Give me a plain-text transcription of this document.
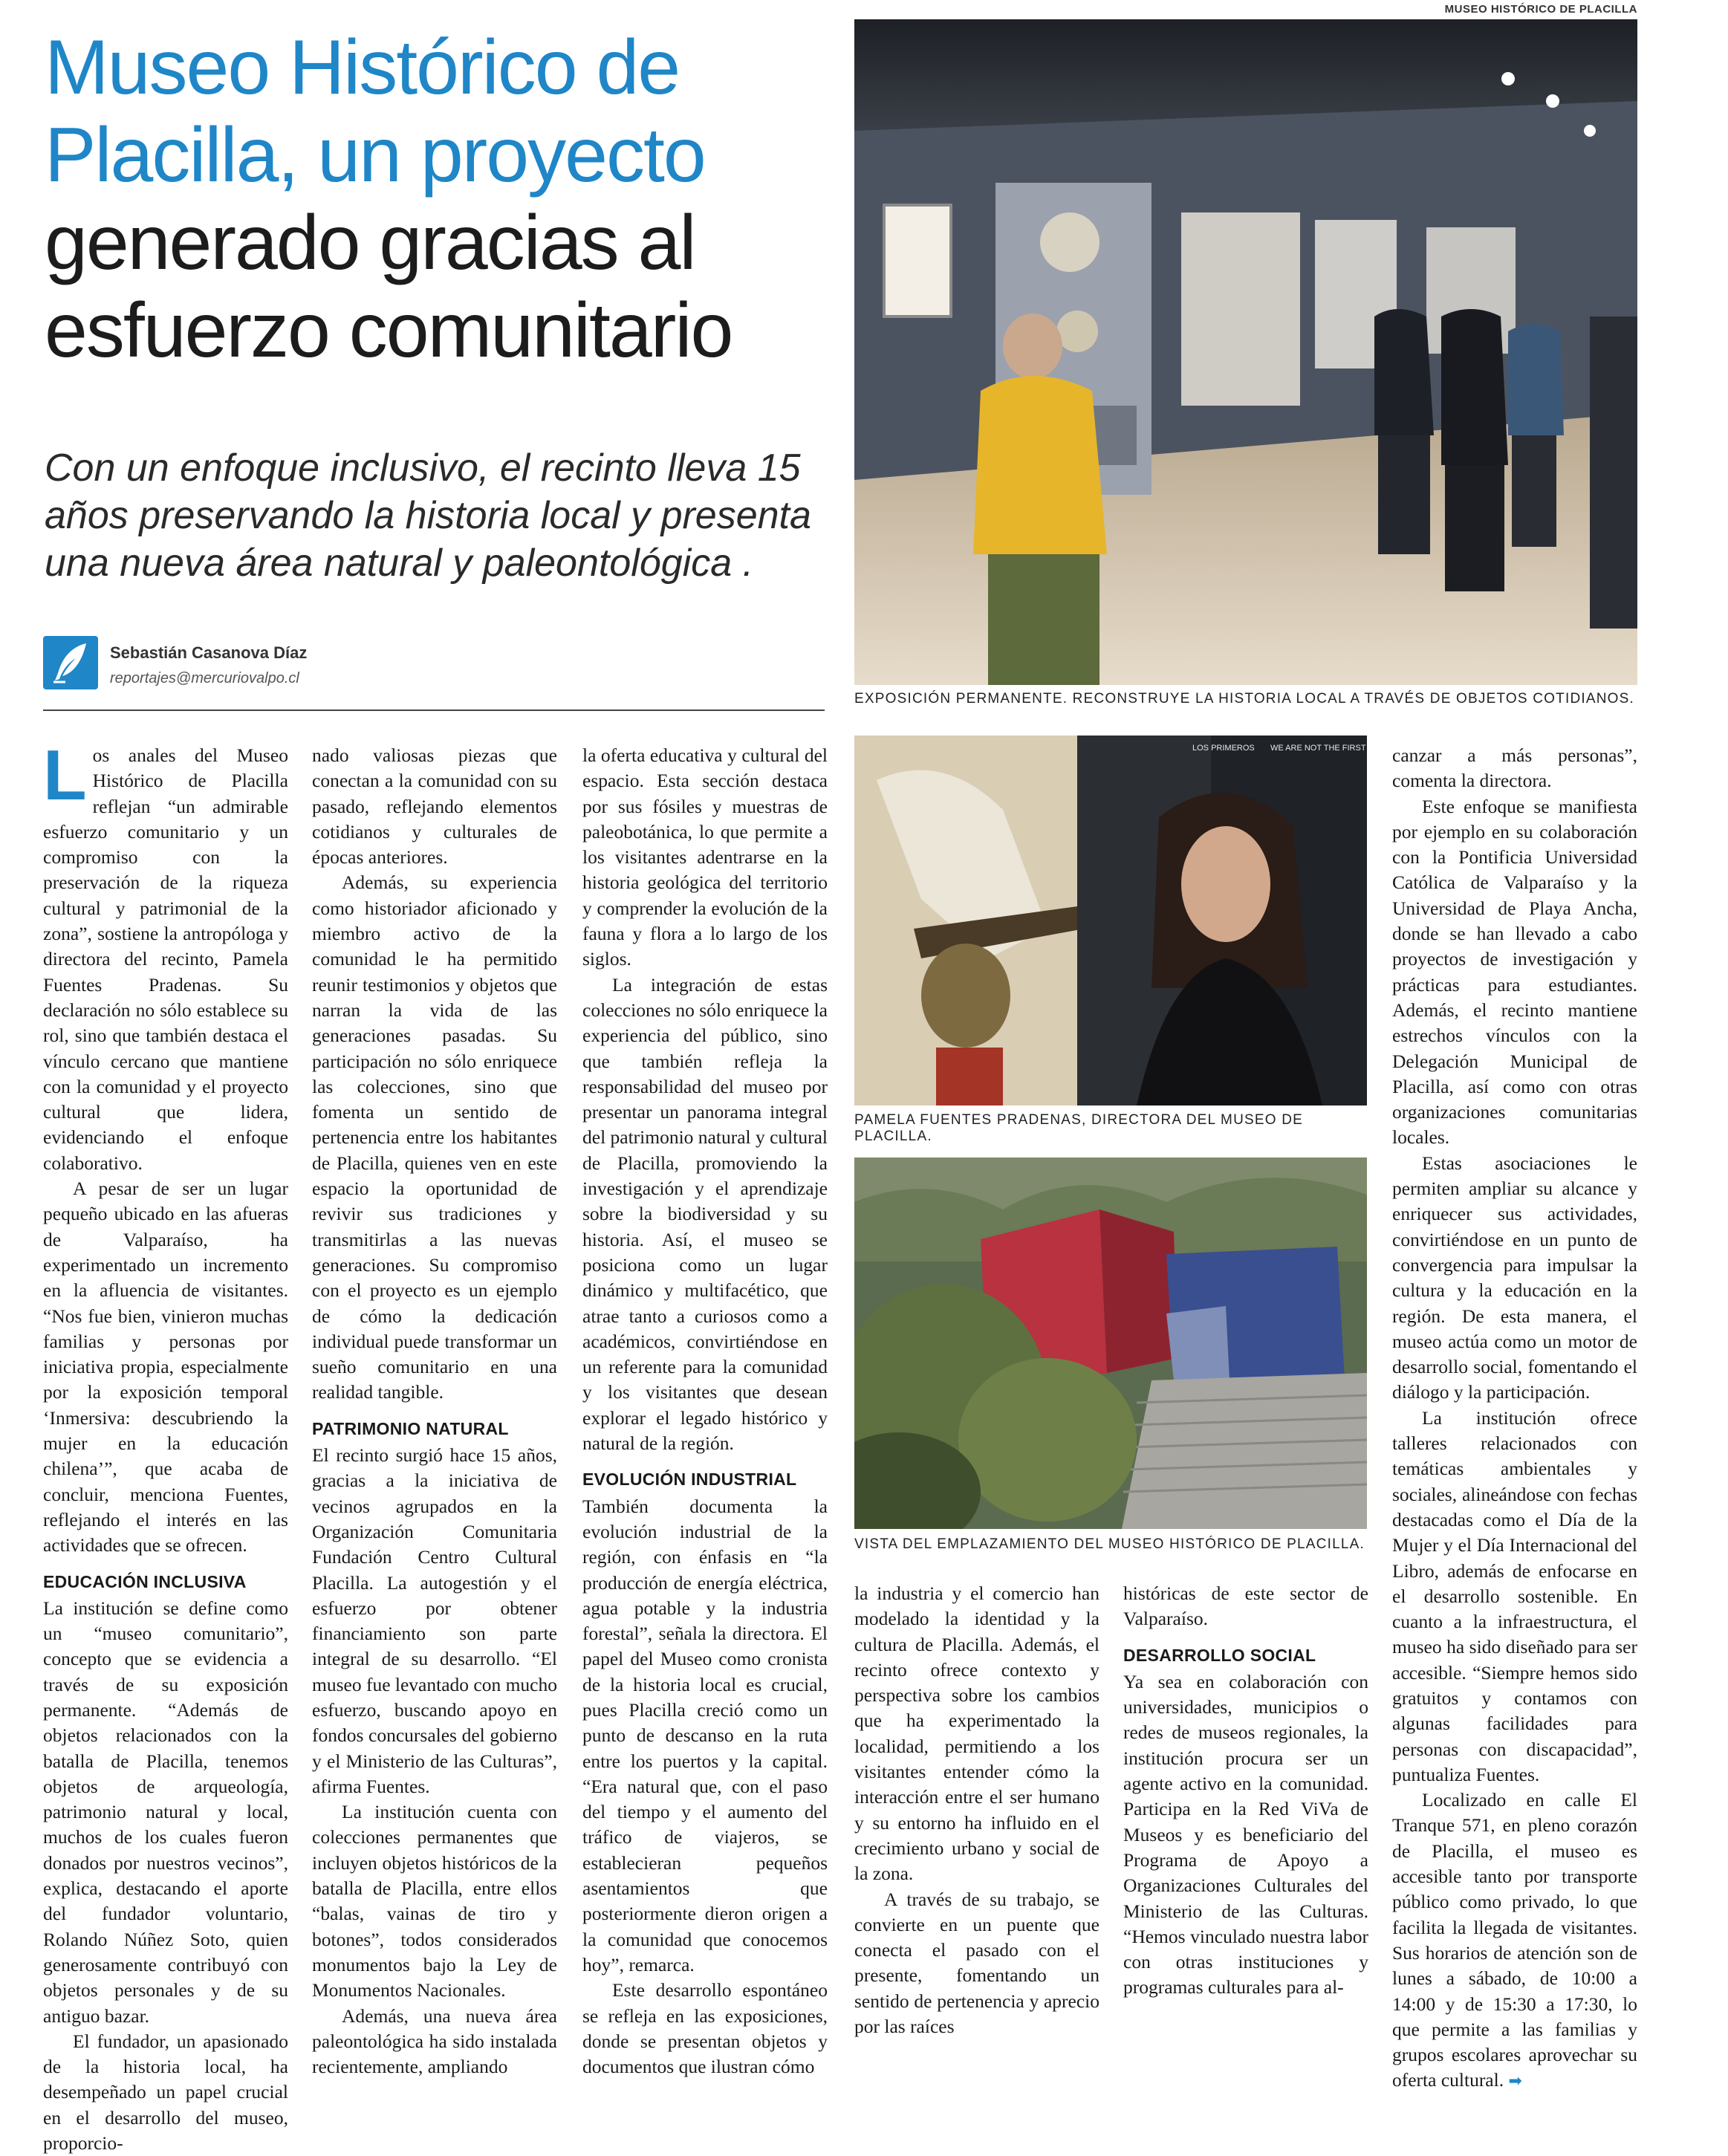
Museo Histórico de
Placilla, un proyecto
generado gracias al
esfuerzo comunitario

Con un enfoque inclusivo, el recinto lleva 15 años preservando la historia local y presenta una nueva área natural y paleontológica .

Sebastián Casanova Díaz
reportajes@mercuriovalpo.cl
MUSEO HISTÓRICO DE PLACILLA
EXPOSICIÓN PERMANENTE. RECONSTRUYE LA HISTORIA LOCAL A TRAVÉS DE OBJETOS COTIDIANOS.
LOS PRIMEROS WE ARE NOT THE FIRST
PAMELA FUENTES PRADENAS, DIRECTORA DEL MUSEO DE PLACILLA.
VISTA DEL EMPLAZAMIENTO DEL MUSEO HISTÓRICO DE PLACILLA.

Los anales del Museo Histórico de Placilla reflejan “un admirable esfuerzo comunitario y un compromiso con la preservación de la riqueza cultural y patrimonial de la zona”, sostiene la antropóloga y directora del recinto, Pamela Fuentes Pradenas. Su declaración no sólo establece su rol, sino que también destaca el vínculo cercano que mantiene con la comunidad y el proyecto cultural que lidera, evidenciando el enfoque colaborativo.

A pesar de ser un lugar pequeño ubicado en las afueras de Valparaíso, ha experimentado un incremento en la afluencia de visitantes. “Nos fue bien, vinieron muchas familias y personas por iniciativa propia, especialmente por la exposición temporal ‘Inmersiva: descubriendo la mujer en la educación chilena’”, que acaba de concluir, menciona Fuentes, reflejando el interés en las actividades que se ofrecen.

EDUCACIÓN INCLUSIVA

La institución se define como un “museo comunitario”, concepto que se evidencia a través de su exposición permanente. “Además de objetos relacionados con la batalla de Placilla, tenemos objetos de arqueología, patrimonio natural y local, muchos de los cuales fueron donados por nuestros vecinos”, explica, destacando el aporte del fundador voluntario, Rolando Núñez Soto, quien generosamente contribuyó con objetos personales y de su antiguo bazar.

El fundador, un apasionado de la historia local, ha desempeñado un papel crucial en el desarrollo del museo, proporcio-

nado valiosas piezas que conectan a la comunidad con su pasado, reflejando elementos cotidianos y culturales de épocas anteriores.

Además, su experiencia como historiador aficionado y miembro activo de la comunidad le ha permitido reunir testimonios y objetos que narran la vida de las generaciones pasadas. Su participación no sólo enriquece las colecciones, sino que fomenta un sentido de pertenencia entre los habitantes de Placilla, quienes ven en este espacio la oportunidad de revivir sus tradiciones y transmitirlas a las nuevas generaciones. Su compromiso con el proyecto es un ejemplo de cómo la dedicación individual puede transformar un sueño comunitario en una realidad tangible.

PATRIMONIO NATURAL

El recinto surgió hace 15 años, gracias a la iniciativa de vecinos agrupados en la Organización Comunitaria Fundación Centro Cultural Placilla. La autogestión y el esfuerzo por obtener financiamiento son parte integral de su desarrollo. “El museo fue levantado con mucho esfuerzo, buscando apoyo en fondos concursales del gobierno y el Ministerio de las Culturas”, afirma Fuentes.

La institución cuenta con colecciones permanentes que incluyen objetos históricos de la batalla de Placilla, entre ellos “balas, vainas de tiro y botones”, todos considerados monumentos bajo la Ley de Monumentos Nacionales.

Además, una nueva área paleontológica ha sido instalada recientemente, ampliando

la oferta educativa y cultural del espacio. Esta sección destaca por sus fósiles y muestras de paleobotánica, lo que permite a los visitantes adentrarse en la historia geológica del territorio y comprender la evolución de la fauna y flora a lo largo de los siglos.

La integración de estas colecciones no sólo enriquece la experiencia del público, sino que también refleja la responsabilidad del museo por presentar un panorama integral del patrimonio natural y cultural de Placilla, promoviendo la investigación y el aprendizaje sobre la biodiversidad y su historia. Así, el museo se posiciona como un lugar dinámico y multifacético, que atrae tanto a curiosos como a académicos, convirtiéndose en un referente para la comunidad y los visitantes que desean explorar el legado histórico y natural de la región.

EVOLUCIÓN INDUSTRIAL

También documenta la evolución industrial de la región, con énfasis en “la producción de energía eléctrica, agua potable y la industria forestal”, señala la directora. El papel del Museo como cronista de la historia local es crucial, pues Placilla creció como un punto de descanso en la ruta entre los puertos y la capital. “Era natural que, con el paso del tiempo y el aumento del tráfico de viajeros, se establecieran pequeños asentamientos que posteriormente dieron origen a la comunidad que conocemos hoy”, remarca.

Este desarrollo espontáneo se refleja en las exposiciones, donde se presentan objetos y documentos que ilustran cómo

la industria y el comercio han modelado la identidad y la cultura de Placilla. Además, el recinto ofrece contexto y perspectiva sobre los cambios que ha experimentado la localidad, permitiendo a los visitantes entender cómo la interacción entre el ser humano y su entorno ha influido en el crecimiento urbano y social de la zona.

A través de su trabajo, se convierte en un puente que conecta el pasado con el presente, fomentando un sentido de pertenencia y aprecio por las raíces

históricas de este sector de Valparaíso.

DESARROLLO SOCIAL

Ya sea en colaboración con universidades, municipios o redes de museos regionales, la institución procura ser un agente activo en la comunidad. Participa en la Red ViVa de Museos y es beneficiario del Programa de Apoyo a Organizaciones Culturales del Ministerio de las Culturas. “Hemos vinculado nuestra labor con otras instituciones y programas culturales para al-

canzar a más personas”, comenta la directora.

Este enfoque se manifiesta por ejemplo en su colaboración con la Pontificia Universidad Católica de Valparaíso y la Universidad de Playa Ancha, donde se han llevado a cabo proyectos de investigación y prácticas para estudiantes. Además, el recinto mantiene estrechos vínculos con la Delegación Municipal de Placilla, así como con otras organizaciones comunitarias locales.

Estas asociaciones le permiten ampliar su alcance y enriquecer sus actividades, convirtiéndose en un punto de convergencia para impulsar la cultura y la educación en la región. De esta manera, el museo actúa como un motor de desarrollo social, fomentando el diálogo y la participación.

La institución ofrece talleres relacionados con temáticas ambientales y sociales, alineándose con fechas destacadas como el Día de la Mujer y el Día Internacional del Libro, además de enfocarse en el desarrollo sostenible. En cuanto a la infraestructura, el museo ha sido diseñado para ser accesible. “Siempre hemos sido gratuitos y contamos con algunas facilidades para personas con discapacidad”, puntualiza Fuentes.

Localizado en calle El Tranque 571, en pleno corazón de Placilla, el museo es accesible tanto por transporte público como privado, lo que facilita la llegada de visitantes. Sus horarios de atención son de lunes a sábado, de 10:00 a 14:00 y de 15:30 a 17:30, lo que permite a las familias y grupos escolares aprovechar su oferta cultural. ➡
